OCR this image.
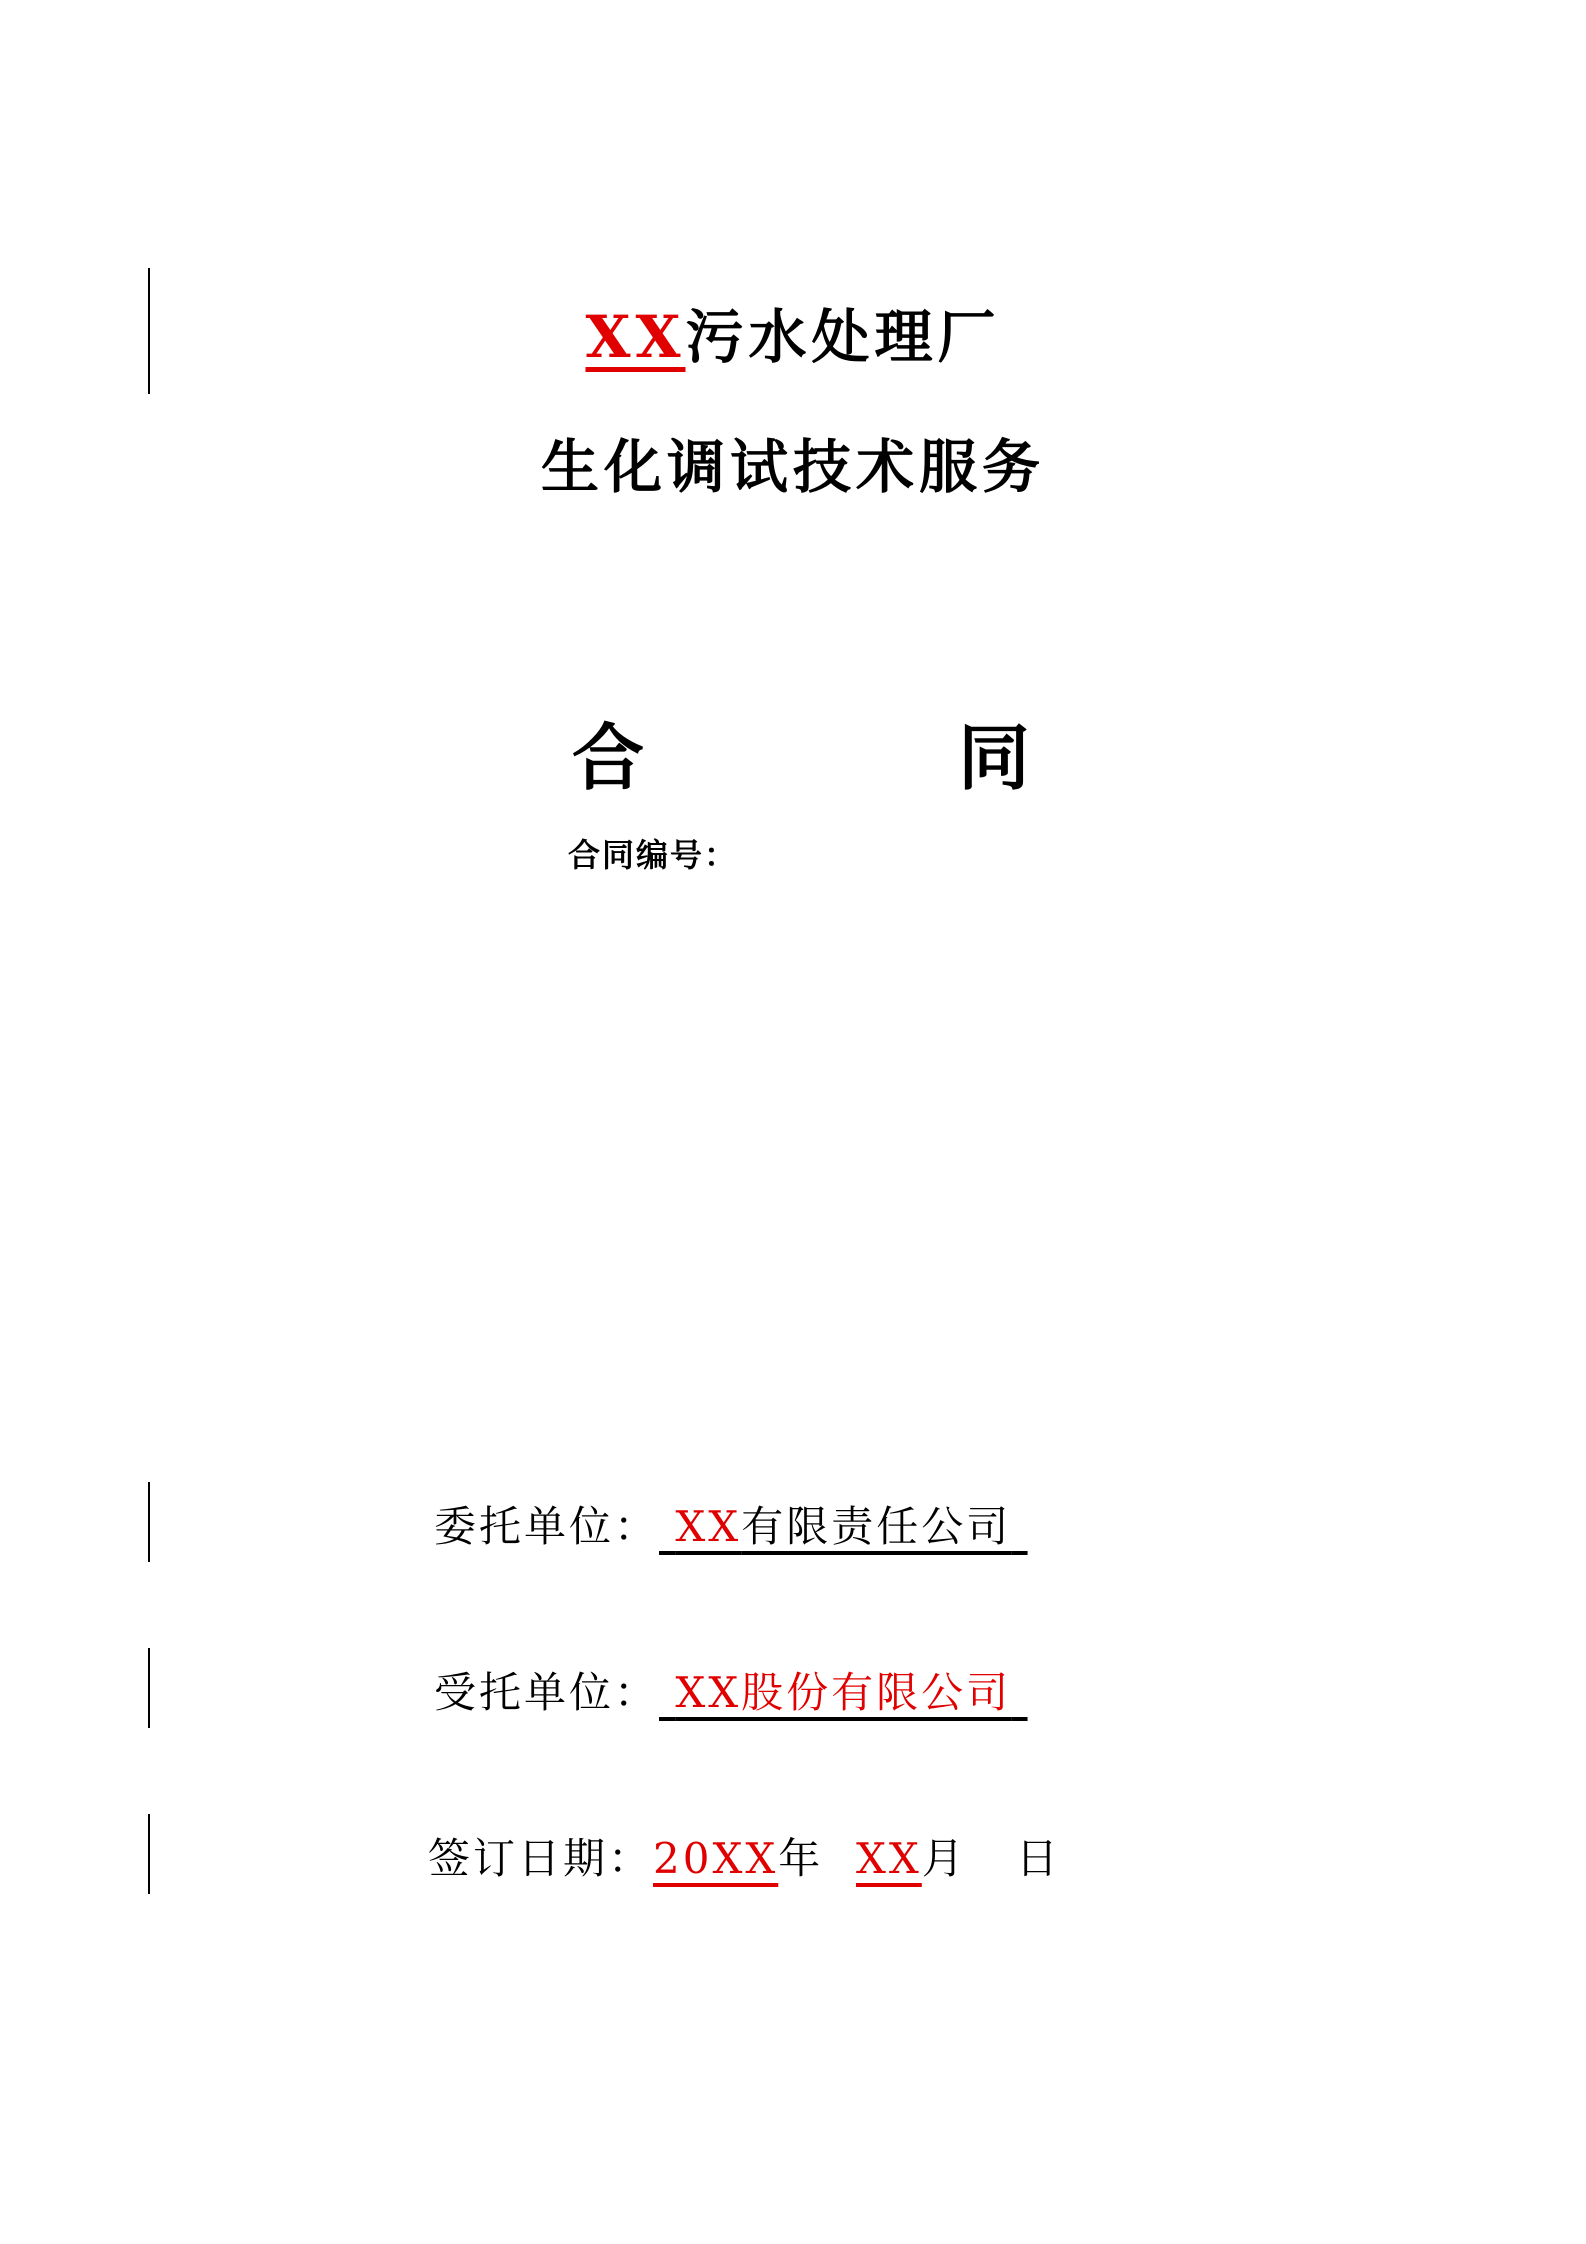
XX污水处理厂
生化调试技术服务
合	同
合同编号：
委托单位： XX有限责任公司
受托单位： XX股份有限公司
签订日期：20XX年 XX月 日
